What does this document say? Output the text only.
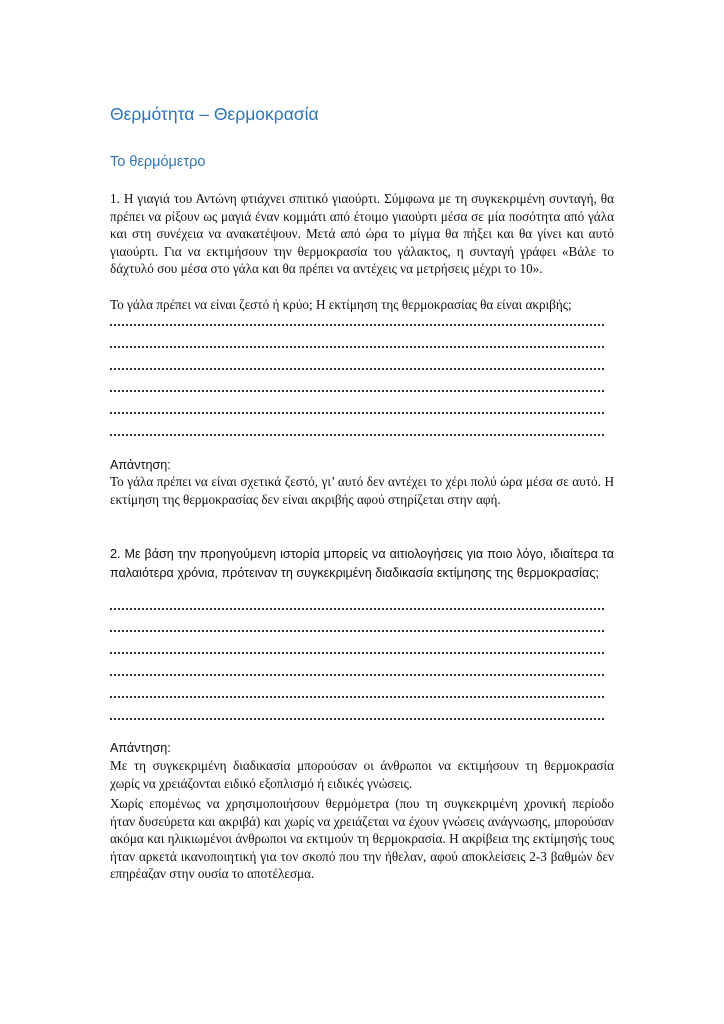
Θερμότητα – Θερμοκρασία
Το θερμόμετρο

1. Η γιαγιά του Αντώνη φτιάχνει σπιτικό γιαούρτι. Σύμφωνα με τη συγκεκριμένη συνταγή, θα πρέπει να ρίξουν ως μαγιά έναν κομμάτι από έτοιμο γιαούρτι μέσα σε μία ποσότητα από γάλα και στη συνέχεια να ανακατέψουν. Μετά από ώρα το μίγμα θα πήξει και θα γίνει και αυτό γιαούρτι. Για να εκτιμήσουν την θερμοκρασία του γάλακτος, η συνταγή γράφει «Βάλε το δάχτυλό σου μέσα στο γάλα και θα πρέπει να αντέχεις να μετρήσεις μέχρι το 10».

Το γάλα πρέπει να είναι ζεστό ή κρύο; Η εκτίμηση της θερμοκρασίας θα είναι ακριβής;

Απάντηση:

Το γάλα πρέπει να είναι σχετικά ζεστό, γι’ αυτό δεν αντέχει το χέρι πολύ ώρα μέσα σε αυτό. Η εκτίμηση της θερμοκρασίας δεν είναι ακριβής αφού στηρίζεται στην αφή.

2. Με βάση την προηγούμενη ιστορία μπορείς να αιτιολογήσεις για ποιο λόγο, ιδιαίτερα τα παλαιότερα χρόνια, πρότειναν τη συγκεκριμένη διαδικασία εκτίμησης της θερμοκρασίας;

Απάντηση:

Με τη συγκεκριμένη διαδικασία μπορούσαν οι άνθρωποι να εκτιμήσουν τη θερμοκρασία χωρίς να χρειάζονται ειδικό εξοπλισμό ή ειδικές γνώσεις.

Χωρίς επομένως να χρησιμοποιήσουν θερμόμετρα (που τη συγκεκριμένη χρονική περίοδο ήταν δυσεύρετα και ακριβά) και χωρίς να χρειάζεται να έχουν γνώσεις ανάγνωσης, μπορούσαν ακόμα και ηλικιωμένοι άνθρωποι να εκτιμούν τη θερμοκρασία. Η ακρίβεια της εκτίμησής τους ήταν αρκετά ικανοποιητική για τον σκοπό που την ήθελαν, αφού αποκλείσεις 2-3 βαθμών δεν επηρέαζαν στην ουσία το αποτέλεσμα.
